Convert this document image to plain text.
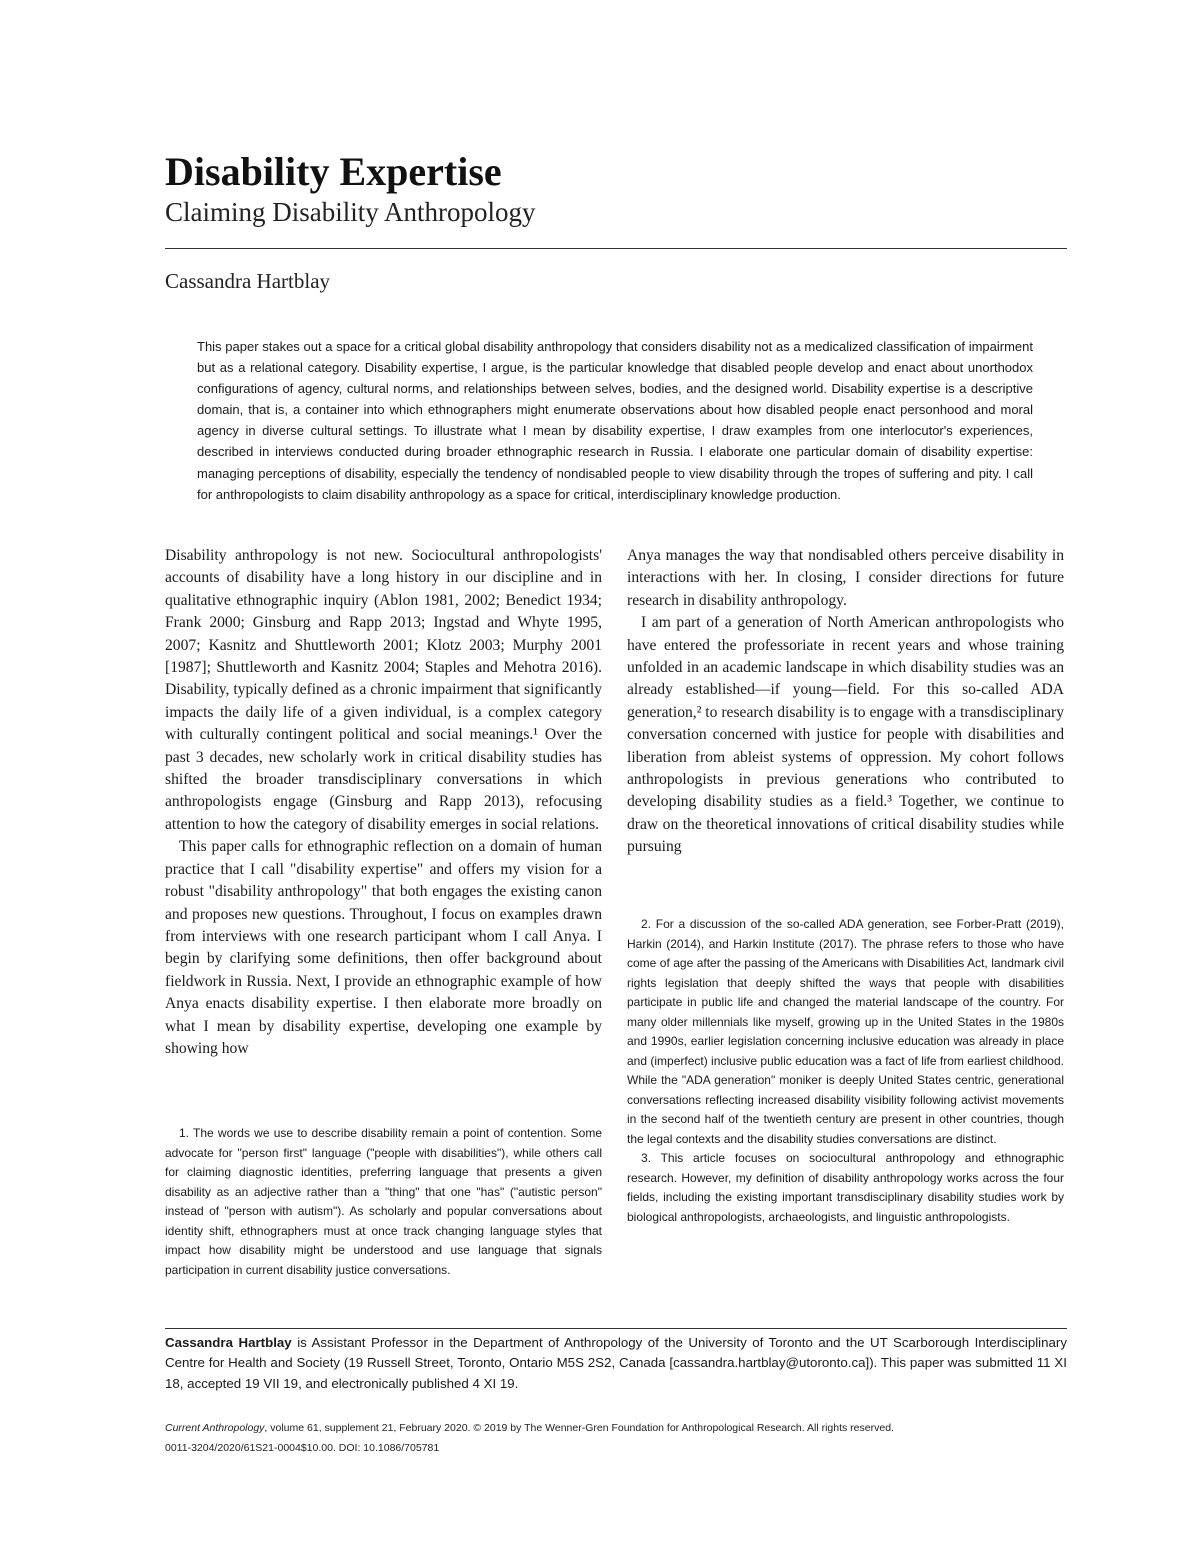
Disability Expertise
Claiming Disability Anthropology
Cassandra Hartblay
This paper stakes out a space for a critical global disability anthropology that considers disability not as a medicalized classification of impairment but as a relational category. Disability expertise, I argue, is the particular knowledge that disabled people develop and enact about unorthodox configurations of agency, cultural norms, and relationships between selves, bodies, and the designed world. Disability expertise is a descriptive domain, that is, a container into which ethnographers might enumerate observations about how disabled people enact personhood and moral agency in diverse cultural settings. To illustrate what I mean by disability expertise, I draw examples from one interlocutor's experiences, described in interviews conducted during broader ethnographic research in Russia. I elaborate one particular domain of disability expertise: managing perceptions of disability, especially the tendency of nondisabled people to view disability through the tropes of suffering and pity. I call for anthropologists to claim disability anthropology as a space for critical, interdisciplinary knowledge production.

Disability anthropology is not new. Sociocultural anthropologists' accounts of disability have a long history in our discipline and in qualitative ethnographic inquiry (Ablon 1981, 2002; Benedict 1934; Frank 2000; Ginsburg and Rapp 2013; Ingstad and Whyte 1995, 2007; Kasnitz and Shuttleworth 2001; Klotz 2003; Murphy 2001 [1987]; Shuttleworth and Kasnitz 2004; Staples and Mehotra 2016). Disability, typically defined as a chronic impairment that significantly impacts the daily life of a given individual, is a complex category with culturally contingent political and social meanings.¹ Over the past 3 decades, new scholarly work in critical disability studies has shifted the broader transdisciplinary conversations in which anthropologists engage (Ginsburg and Rapp 2013), refocusing attention to how the category of disability emerges in social relations.

This paper calls for ethnographic reflection on a domain of human practice that I call "disability expertise" and offers my vision for a robust "disability anthropology" that both engages the existing canon and proposes new questions. Throughout, I focus on examples drawn from interviews with one research participant whom I call Anya. I begin by clarifying some definitions, then offer background about fieldwork in Russia. Next, I provide an ethnographic example of how Anya enacts disability expertise. I then elaborate more broadly on what I mean by disability expertise, developing one example by showing how

Anya manages the way that nondisabled others perceive disability in interactions with her. In closing, I consider directions for future research in disability anthropology.

I am part of a generation of North American anthropologists who have entered the professoriate in recent years and whose training unfolded in an academic landscape in which disability studies was an already established—if young—field. For this so-called ADA generation,² to research disability is to engage with a transdisciplinary conversation concerned with justice for people with disabilities and liberation from ableist systems of oppression. My cohort follows anthropologists in previous generations who contributed to developing disability studies as a field.³ Together, we continue to draw on the theoretical innovations of critical disability studies while pursuing

1. The words we use to describe disability remain a point of contention. Some advocate for "person first" language ("people with disabilities"), while others call for claiming diagnostic identities, preferring language that presents a given disability as an adjective rather than a "thing" that one "has" ("autistic person" instead of "person with autism"). As scholarly and popular conversations about identity shift, ethnographers must at once track changing language styles that impact how disability might be understood and use language that signals participation in current disability justice conversations.

2. For a discussion of the so-called ADA generation, see Forber-Pratt (2019), Harkin (2014), and Harkin Institute (2017). The phrase refers to those who have come of age after the passing of the Americans with Disabilities Act, landmark civil rights legislation that deeply shifted the ways that people with disabilities participate in public life and changed the material landscape of the country. For many older millennials like myself, growing up in the United States in the 1980s and 1990s, earlier legislation concerning inclusive education was already in place and (imperfect) inclusive public education was a fact of life from earliest childhood. While the "ADA generation" moniker is deeply United States centric, generational conversations reflecting increased disability visibility following activist movements in the second half of the twentieth century are present in other countries, though the legal contexts and the disability studies conversations are distinct.

3. This article focuses on sociocultural anthropology and ethnographic research. However, my definition of disability anthropology works across the four fields, including the existing important transdisciplinary disability studies work by biological anthropologists, archaeologists, and linguistic anthropologists.

Cassandra Hartblay is Assistant Professor in the Department of Anthropology of the University of Toronto and the UT Scarborough Interdisciplinary Centre for Health and Society (19 Russell Street, Toronto, Ontario M5S 2S2, Canada [cassandra.hartblay@utoronto.ca]). This paper was submitted 11 XI 18, accepted 19 VII 19, and electronically published 4 XI 19.
Current Anthropology, volume 61, supplement 21, February 2020. © 2019 by The Wenner-Gren Foundation for Anthropological Research. All rights reserved.
0011-3204/2020/61S21-0004$10.00. DOI: 10.1086/705781
